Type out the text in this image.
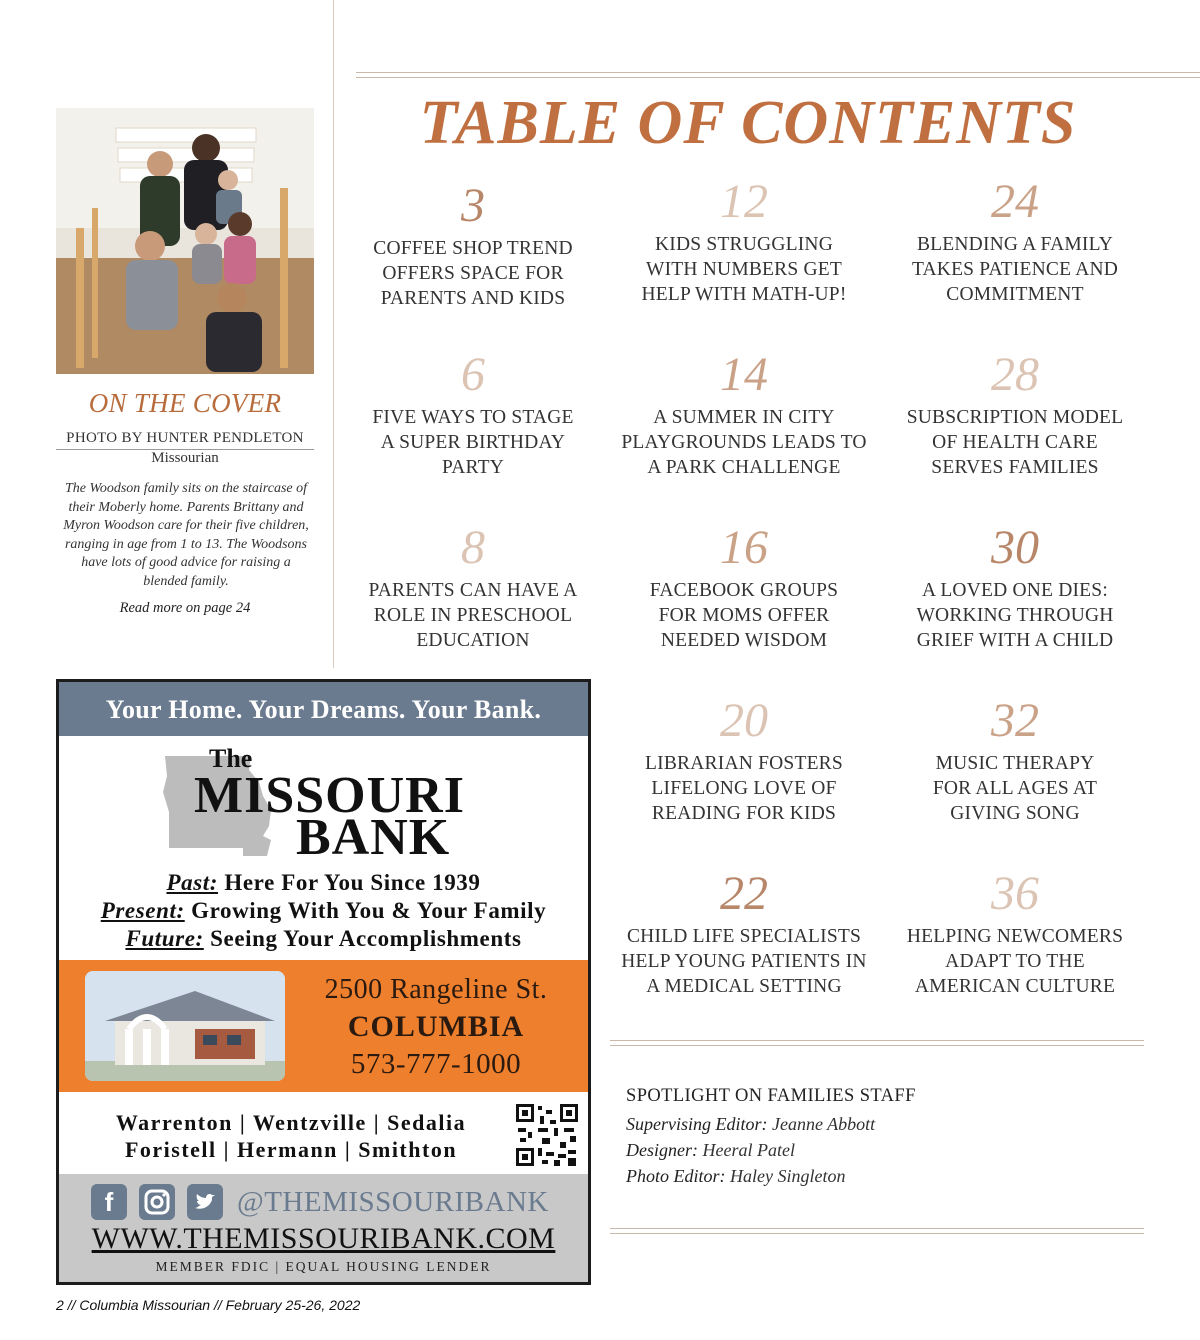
ON THE COVER
PHOTO BY HUNTER PENDLETON
Missourian
The Woodson family sits on the staircase of their Moberly home. Parents Brittany and Myron Woodson care for their five children, ranging in age from 1 to 13. The Woodsons have lots of good advice for raising a blended family.
Read more on page 24
TABLE OF CONTENTS
3
COFFEE SHOP TREND OFFERS SPACE FOR PARENTS AND KIDS
12
KIDS STRUGGLING WITH NUMBERS GET HELP WITH MATH-UP!
24
BLENDING A FAMILY TAKES PATIENCE AND COMMITMENT
6
FIVE WAYS TO STAGE A SUPER BIRTHDAY PARTY
14
A SUMMER IN CITY PLAYGROUNDS LEADS TO A PARK CHALLENGE
28
SUBSCRIPTION MODEL OF HEALTH CARE SERVES FAMILIES
8
PARENTS CAN HAVE A ROLE IN PRESCHOOL EDUCATION
16
FACEBOOK GROUPS FOR MOMS OFFER NEEDED WISDOM
30
A LOVED ONE DIES: WORKING THROUGH GRIEF WITH A CHILD
20
LIBRARIAN FOSTERS LIFELONG LOVE OF READING FOR KIDS
32
MUSIC THERAPY FOR ALL AGES AT GIVING SONG
22
CHILD LIFE SPECIALISTS HELP YOUNG PATIENTS IN A MEDICAL SETTING
36
HELPING NEWCOMERS ADAPT TO THE AMERICAN CULTURE
SPOTLIGHT ON FAMILIES STAFF
Supervising Editor: Jeanne Abbott
Designer: Heeral Patel
Photo Editor: Haley Singleton
Your Home. Your Dreams. Your Bank.
The
MISSOURI
BANK
Past: Here For You Since 1939
Present: Growing With You & Your Family
Future: Seeing Your Accomplishments
2500 Rangeline St.
COLUMBIA
573-777-1000
Warrenton | Wentzville | Sedalia
Foristell | Hermann | Smithton
f	@THEMISSOURIBANK
WWW.THEMISSOURIBANK.COM
MEMBER FDIC | EQUAL HOUSING LENDER
2 // Columbia Missourian // February 25-26, 2022
